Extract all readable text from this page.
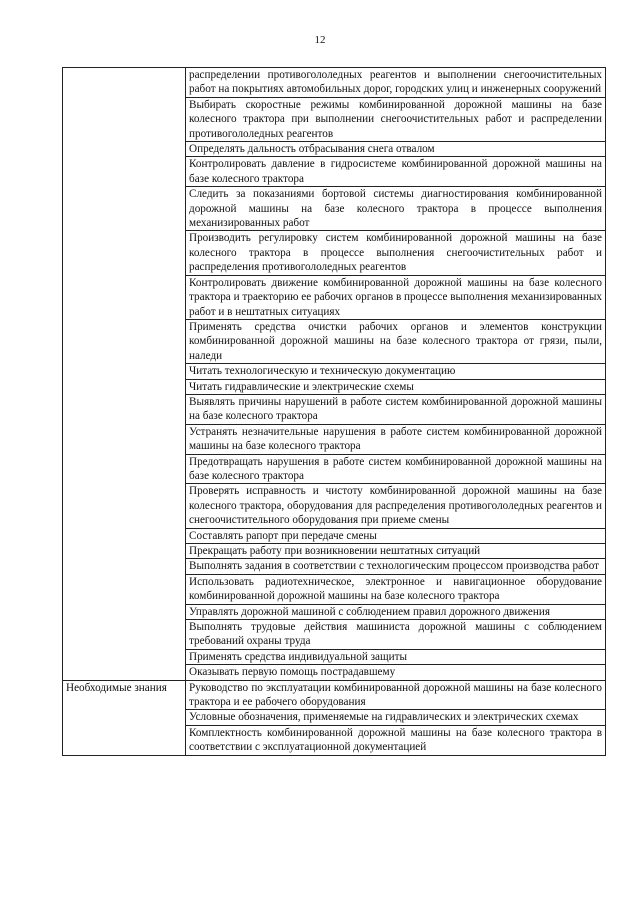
12
	распределении противогололедных реагентов и выполнении снегоочистительных работ на покрытиях автомобильных дорог, городских улиц и инженерных сооружений
	Выбирать скоростные режимы комбинированной дорожной машины на базе колесного трактора при выполнении снегоочистительных работ и распределении противогололедных реагентов
	Определять дальность отбрасывания снега отвалом
	Контролировать давление в гидросистеме комбинированной дорожной машины на базе колесного трактора
	Следить за показаниями бортовой системы диагностирования комбинированной дорожной машины на базе колесного трактора в процессе выполнения механизированных работ
	Производить регулировку систем комбинированной дорожной машины на базе колесного трактора в процессе выполнения снегоочистительных работ и распределения противогололедных реагентов
	Контролировать движение комбинированной дорожной машины на базе колесного трактора и траекторию ее рабочих органов в процессе выполнения механизированных работ и в нештатных ситуациях
	Применять средства очистки рабочих органов и элементов конструкции комбинированной дорожной машины на базе колесного трактора от грязи, пыли, наледи
	Читать технологическую и техническую документацию
	Читать гидравлические и электрические схемы
	Выявлять причины нарушений в работе систем комбинированной дорожной машины на базе колесного трактора
	Устранять незначительные нарушения в работе систем комбинированной дорожной машины на базе колесного трактора
	Предотвращать нарушения в работе систем комбинированной дорожной машины на базе колесного трактора
	Проверять исправность и чистоту комбинированной дорожной машины на базе колесного трактора, оборудования для распределения противогололедных реагентов и снегоочистительного оборудования при приеме смены
	Составлять рапорт при передаче смены
	Прекращать работу при возникновении нештатных ситуаций
	Выполнять задания в соответствии с технологическим процессом производства работ
	Использовать радиотехническое, электронное и навигационное оборудование комбинированной дорожной машины на базе колесного трактора
	Управлять дорожной машиной с соблюдением правил дорожного движения
	Выполнять трудовые действия машиниста дорожной машины с соблюдением требований охраны труда
	Применять средства индивидуальной защиты
	Оказывать первую помощь пострадавшему
Необходимые знания	Руководство по эксплуатации комбинированной дорожной машины на базе колесного трактора и ее рабочего оборудования
	Условные обозначения, применяемые на гидравлических и электрических схемах
	Комплектность комбинированной дорожной машины на базе колесного трактора в соответствии с эксплуатационной документацией
